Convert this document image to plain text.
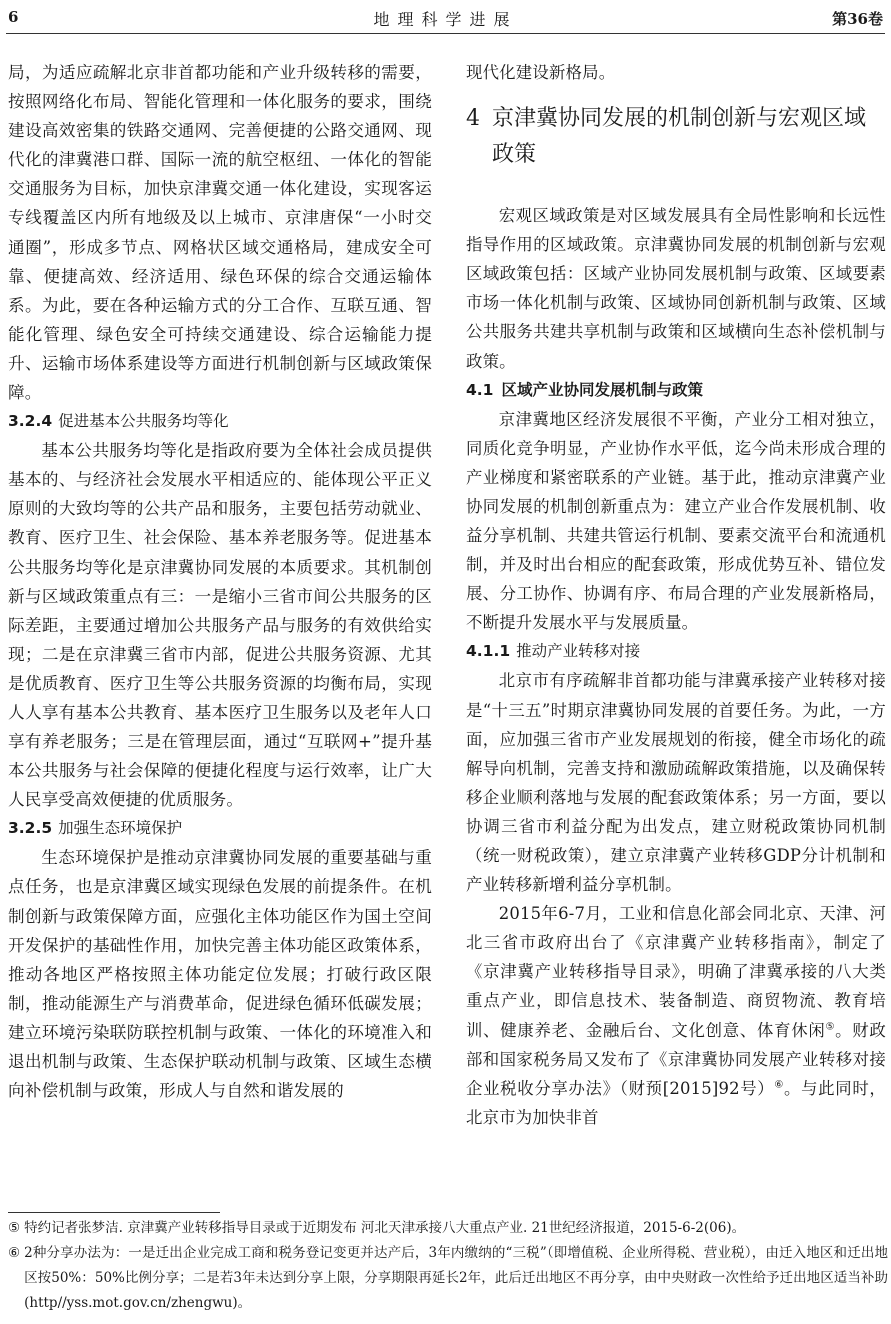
6	地理科学进展	第36卷

局，为适应疏解北京非首都功能和产业升级转移的需要，按照网络化布局、智能化管理和一体化服务的要求，围绕建设高效密集的铁路交通网、完善便捷的公路交通网、现代化的津冀港口群、国际一流的航空枢纽、一体化的智能交通服务为目标，加快京津冀交通一体化建设，实现客运专线覆盖区内所有地级及以上城市、京津唐保“一小时交通圈”，形成多节点、网格状区域交通格局，建成安全可靠、便捷高效、经济适用、绿色环保的综合交通运输体系。为此，要在各种运输方式的分工合作、互联互通、智能化管理、绿色安全可持续交通建设、综合运输能力提升、运输市场体系建设等方面进行机制创新与区域政策保障。

3.2.4 促进基本公共服务均等化

基本公共服务均等化是指政府要为全体社会成员提供基本的、与经济社会发展水平相适应的、能体现公平正义原则的大致均等的公共产品和服务，主要包括劳动就业、教育、医疗卫生、社会保险、基本养老服务等。促进基本公共服务均等化是京津冀协同发展的本质要求。其机制创新与区域政策重点有三：一是缩小三省市间公共服务的区际差距，主要通过增加公共服务产品与服务的有效供给实现；二是在京津冀三省市内部，促进公共服务资源、尤其是优质教育、医疗卫生等公共服务资源的均衡布局，实现人人享有基本公共教育、基本医疗卫生服务以及老年人口享有养老服务；三是在管理层面，通过“互联网+”提升基本公共服务与社会保障的便捷化程度与运行效率，让广大人民享受高效便捷的优质服务。

3.2.5 加强生态环境保护

生态环境保护是推动京津冀协同发展的重要基础与重点任务，也是京津冀区域实现绿色发展的前提条件。在机制创新与政策保障方面，应强化主体功能区作为国土空间开发保护的基础性作用，加快完善主体功能区政策体系，推动各地区严格按照主体功能定位发展；打破行政区限制，推动能源生产与消费革命，促进绿色循环低碳发展；建立环境污染联防联控机制与政策、一体化的环境准入和退出机制与政策、生态保护联动机制与政策、区域生态横向补偿机制与政策，形成人与自然和谐发展的

现代化建设新格局。

4 京津冀协同发展的机制创新与宏观区域政策

宏观区域政策是对区域发展具有全局性影响和长远性指导作用的区域政策。京津冀协同发展的机制创新与宏观区域政策包括：区域产业协同发展机制与政策、区域要素市场一体化机制与政策、区域协同创新机制与政策、区域公共服务共建共享机制与政策和区域横向生态补偿机制与政策。

4.1 区域产业协同发展机制与政策

京津冀地区经济发展很不平衡，产业分工相对独立，同质化竞争明显，产业协作水平低，迄今尚未形成合理的产业梯度和紧密联系的产业链。基于此，推动京津冀产业协同发展的机制创新重点为：建立产业合作发展机制、收益分享机制、共建共管运行机制、要素交流平台和流通机制，并及时出台相应的配套政策，形成优势互补、错位发展、分工协作、协调有序、布局合理的产业发展新格局，不断提升发展水平与发展质量。

4.1.1 推动产业转移对接

北京市有序疏解非首都功能与津冀承接产业转移对接是“十三五”时期京津冀协同发展的首要任务。为此，一方面，应加强三省市产业发展规划的衔接，健全市场化的疏解导向机制，完善支持和激励疏解政策措施，以及确保转移企业顺利落地与发展的配套政策体系；另一方面，要以协调三省市利益分配为出发点，建立财税政策协同机制（统一财税政策），建立京津冀产业转移GDP分计机制和产业转移新增利益分享机制。

2015年6-7月，工业和信息化部会同北京、天津、河北三省市政府出台了《京津冀产业转移指南》，制定了《京津冀产业转移指导目录》，明确了津冀承接的八大类重点产业，即信息技术、装备制造、商贸物流、教育培训、健康养老、金融后台、文化创意、体育休闲⑤。财政部和国家税务局又发布了《京津冀协同发展产业转移对接企业税收分享办法》（财预[2015]92号）⑥。与此同时，北京市为加快非首

⑤ 特约记者张梦洁. 京津冀产业转移指导目录或于近期发布 河北天津承接八大重点产业. 21世纪经济报道，2015-6-2(06)。
⑥ 2种分享办法为：一是迁出企业完成工商和税务登记变更并达产后，3年内缴纳的“三税”（即增值税、企业所得税、营业税），由迁入地区和迁出地区按50%：50%比例分享；二是若3年未达到分享上限，分享期限再延长2年，此后迁出地区不再分享，由中央财政一次性给予迁出地区适当补助(http//yss.mot.gov.cn/zhengwu)。
